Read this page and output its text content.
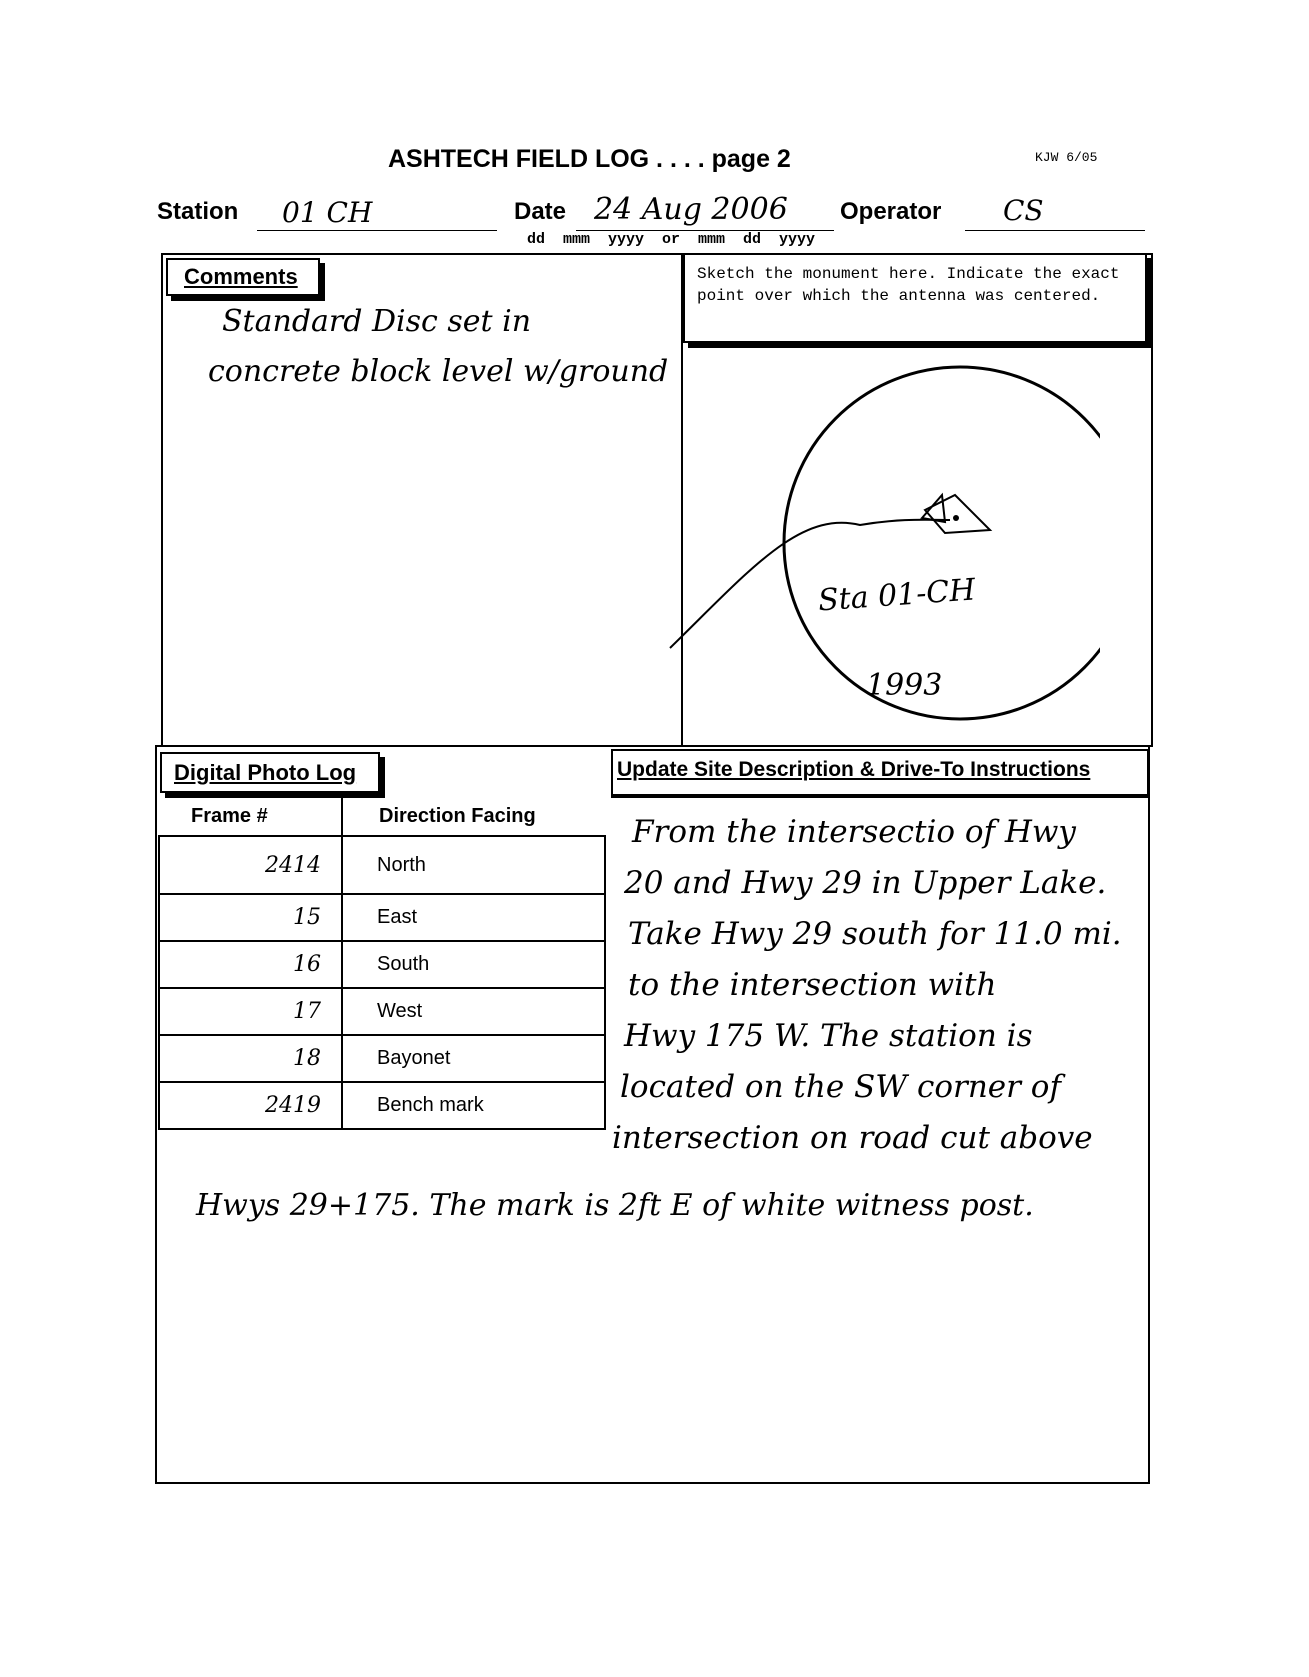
ASHTECH FIELD LOG . . . . page 2	KJW 6/05
Station 01 CH	Date 24 Aug 2006
dd  mmm  yyyy  or  mmm  dd  yyyy
Operator CS
Comments
Standard Disc set in
concrete block level w/ground
Sketch the monument here. Indicate the exact point over which the antenna was centered.
Sta 01-CH
1993
Digital Photo Log
Frame #	Direction Facing
2414	North
15	East
16	South
17	West
18	Bayonet
2419	Bench mark
Update Site Description & Drive-To Instructions
From the intersectio of Hwy
20 and Hwy 29 in Upper Lake.
Take Hwy 29 south for 11.0 mi.
to the intersection with
Hwy 175 W. The station is
located on the SW corner of
intersection on road cut above
Hwys 29+175. The mark is 2ft E of white witness post.
